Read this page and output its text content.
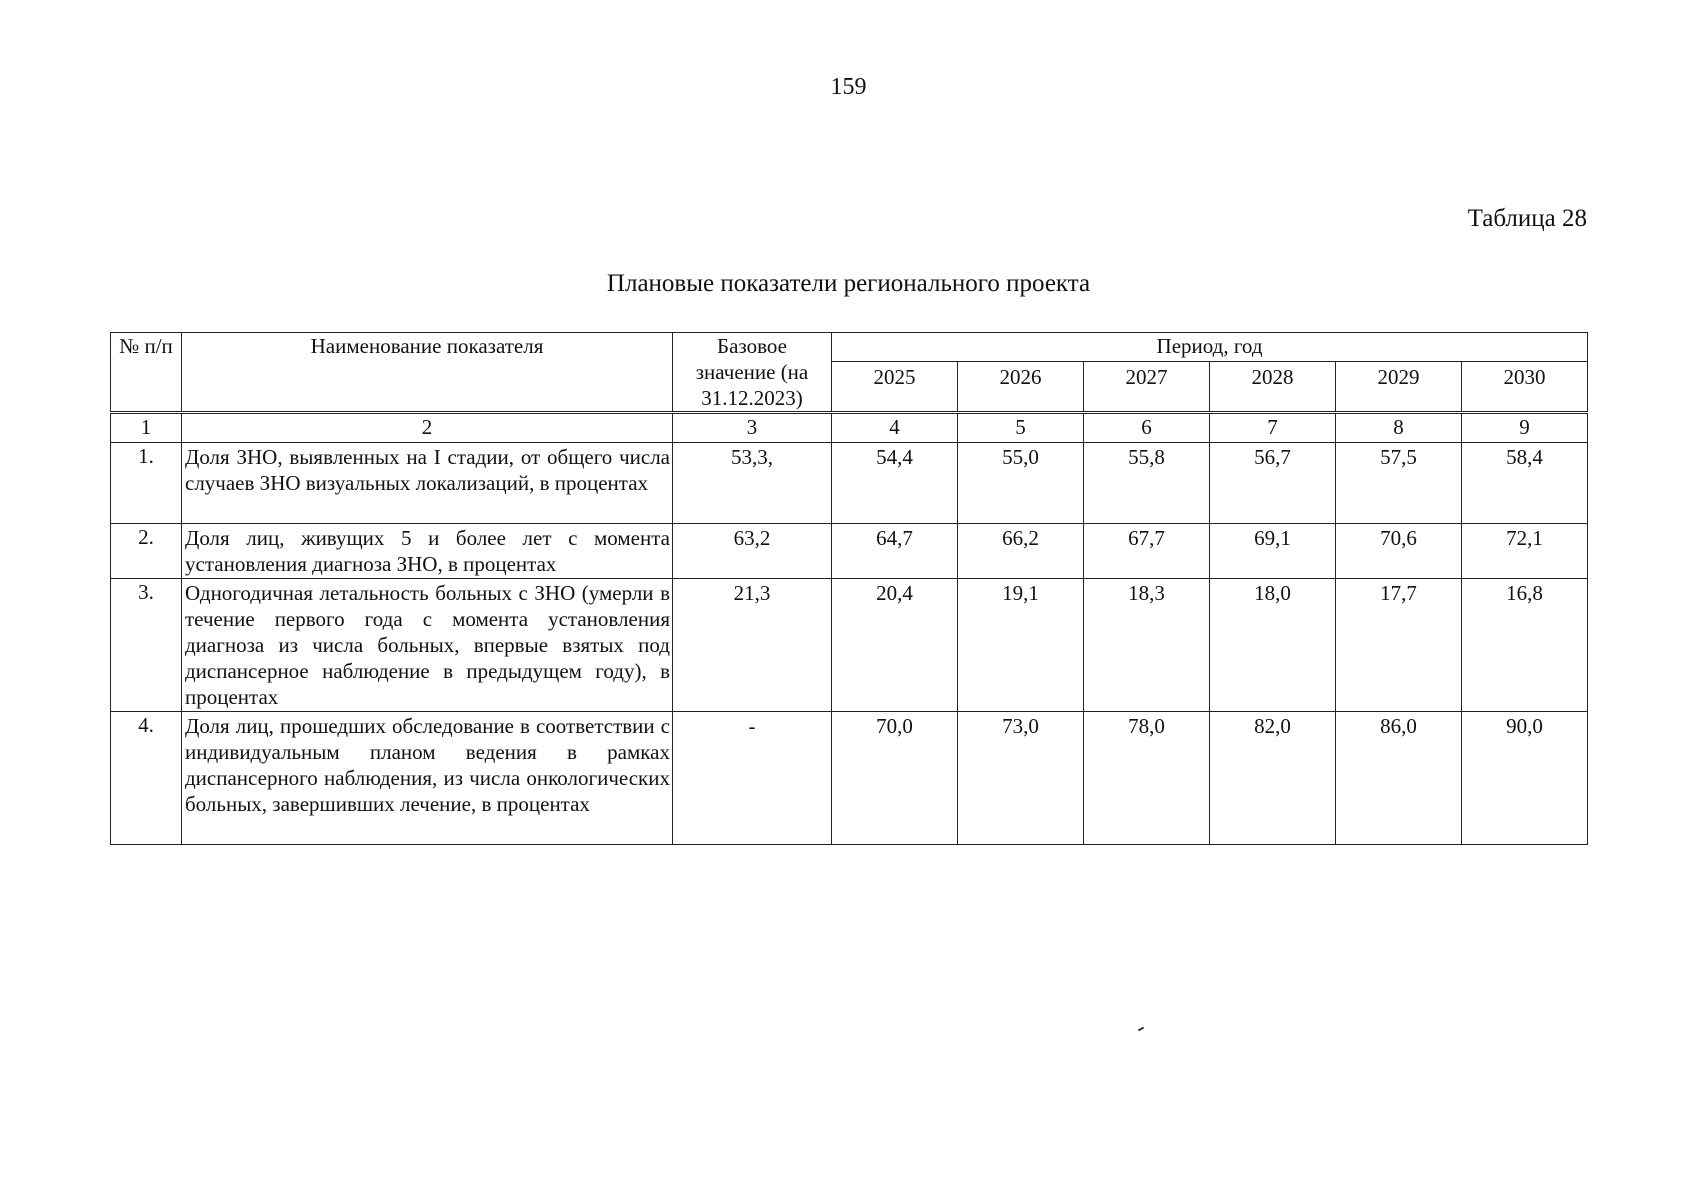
159
Таблица 28
Плановые показатели регионального проекта
№ п/п	Наименование показателя	Базовое значение (на 31.12.2023)	Период, год					
			2025	2026	2027	2028	2029	2030
1	2	3	4	5	6	7	8	9
1.	Доля ЗНО, выявленных на I стадии, от общего числа случаев ЗНО визуальных локализаций, в процентах	53,3,	54,4	55,0	55,8	56,7	57,5	58,4
2.	Доля лиц, живущих 5 и более лет с момента установления диагноза ЗНО, в процентах	63,2	64,7	66,2	67,7	69,1	70,6	72,1
3.	Одногодичная летальность больных с ЗНО (умерли в течение первого года с момента установления диагноза из числа больных, впервые взятых под диспансерное наблюдение в предыдущем году), в процентах	21,3	20,4	19,1	18,3	18,0	17,7	16,8
4.	Доля лиц, прошедших обследование в соответствии с индивидуальным планом ведения в рамках диспансерного наблюдения, из числа онкологических больных, завершивших лечение, в процентах	-	70,0	73,0	78,0	82,0	86,0	90,0
